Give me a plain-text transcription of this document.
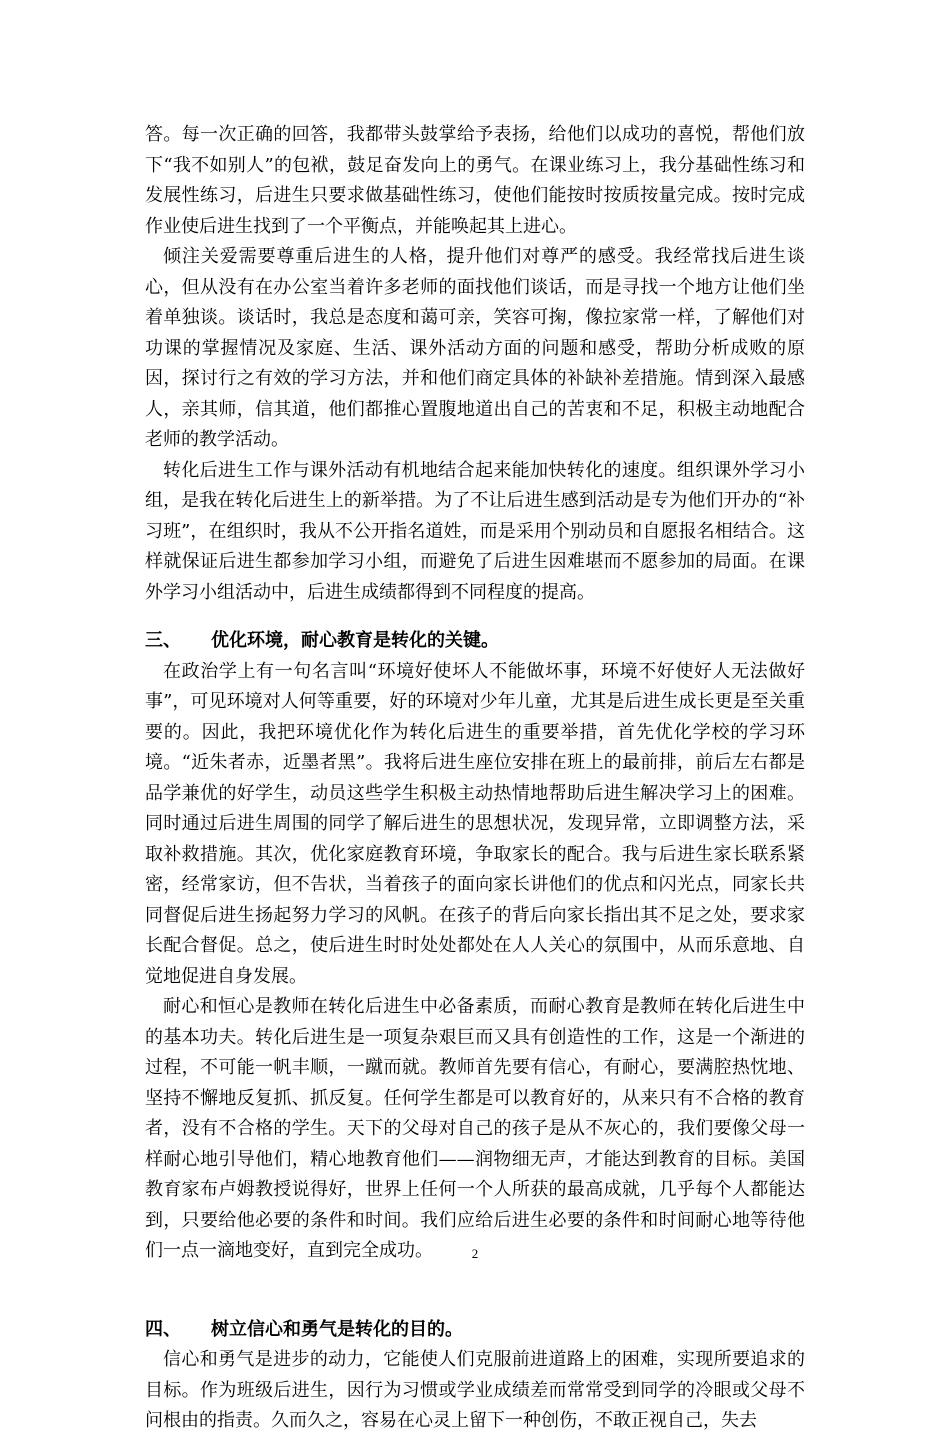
答。每一次正确的回答，我都带头鼓掌给予表扬，给他们以成功的喜悦，帮他们放下“我不如别人”的包袱，鼓足奋发向上的勇气。在课业练习上，我分基础性练习和发展性练习，后进生只要求做基础性练习，使他们能按时按质按量完成。按时完成作业使后进生找到了一个平衡点，并能唤起其上进心。

倾注关爱需要尊重后进生的人格，提升他们对尊严的感受。我经常找后进生谈心，但从没有在办公室当着许多老师的面找他们谈话，而是寻找一个地方让他们坐着单独谈。谈话时，我总是态度和蔼可亲，笑容可掬，像拉家常一样，了解他们对功课的掌握情况及家庭、生活、课外活动方面的问题和感受，帮助分析成败的原因，探讨行之有效的学习方法，并和他们商定具体的补缺补差措施。情到深入最感人，亲其师，信其道，他们都推心置腹地道出自己的苦衷和不足，积极主动地配合老师的教学活动。

转化后进生工作与课外活动有机地结合起来能加快转化的速度。组织课外学习小组，是我在转化后进生上的新举措。为了不让后进生感到活动是专为他们开办的“补习班”，在组织时，我从不公开指名道姓，而是采用个别动员和自愿报名相结合。这样就保证后进生都参加学习小组，而避免了后进生因难堪而不愿参加的局面。在课外学习小组活动中，后进生成绩都得到不同程度的提高。

三、 优化环境，耐心教育是转化的关键。

在政治学上有一句名言叫“环境好使坏人不能做坏事，环境不好使好人无法做好事”，可见环境对人何等重要，好的环境对少年儿童，尤其是后进生成长更是至关重要的。因此，我把环境优化作为转化后进生的重要举措，首先优化学校的学习环境。“近朱者赤，近墨者黑”。我将后进生座位安排在班上的最前排，前后左右都是品学兼优的好学生，动员这些学生积极主动热情地帮助后进生解决学习上的困难。同时通过后进生周围的同学了解后进生的思想状况，发现异常，立即调整方法，采取补救措施。其次，优化家庭教育环境，争取家长的配合。我与后进生家长联系紧密，经常家访，但不告状，当着孩子的面向家长讲他们的优点和闪光点，同家长共同督促后进生扬起努力学习的风帆。在孩子的背后向家长指出其不足之处，要求家长配合督促。总之，使后进生时时处处都处在人人关心的氛围中，从而乐意地、自觉地促进自身发展。

耐心和恒心是教师在转化后进生中必备素质，而耐心教育是教师在转化后进生中的基本功夫。转化后进生是一项复杂艰巨而又具有创造性的工作，这是一个渐进的过程，不可能一帆丰顺，一蹴而就。教师首先要有信心，有耐心，要满腔热忱地、坚持不懈地反复抓、抓反复。任何学生都是可以教育好的，从来只有不合格的教育者，没有不合格的学生。天下的父母对自己的孩子是从不灰心的，我们要像父母一样耐心地引导他们，精心地教育他们——润物细无声，才能达到教育的目标。美国教育家布卢姆教授说得好，世界上任何一个人所获的最高成就，几乎每个人都能达到，只要给他必要的条件和时间。我们应给后进生必要的条件和时间耐心地等待他们一点一滴地变好，直到完全成功。

四、 树立信心和勇气是转化的目的。

信心和勇气是进步的动力，它能使人们克服前进道路上的困难，实现所要追求的目标。作为班级后进生，因行为习惯或学业成绩差而常常受到同学的冷眼或父母不问根由的指责。久而久之，容易在心灵上留下一种创伤，不敢正视自己，失去

2
